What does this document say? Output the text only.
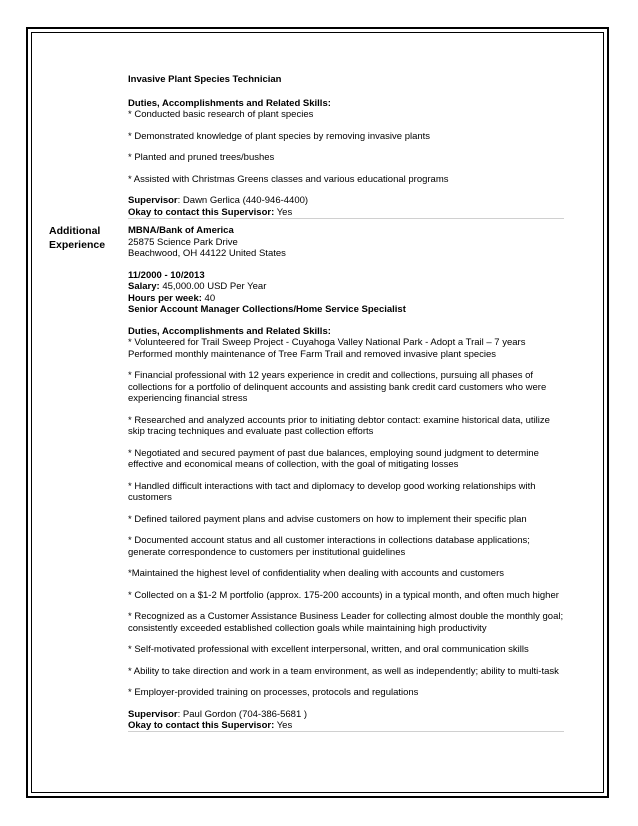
Invasive Plant Species Technician

Duties, Accomplishments and Related Skills:

* Conducted basic research of plant species

* Demonstrated knowledge of plant species by removing invasive plants

* Planted and pruned trees/bushes

* Assisted with Christmas Greens classes and various educational programs

Supervisor: Dawn Gerlica (440-946-4400)

Okay to contact this Supervisor: Yes

Additional
Experience

MBNA/Bank of America

25875 Science Park Drive

Beachwood, OH 44122 United States

11/2000 - 10/2013

Salary: 45,000.00 USD Per Year

Hours per week: 40

Senior Account Manager Collections/Home Service Specialist

Duties, Accomplishments and Related Skills:

* Volunteered for Trail Sweep Project - Cuyahoga Valley National Park - Adopt a Trail – 7 years

Performed monthly maintenance of Tree Farm Trail and removed invasive plant species

* Financial professional with 12 years experience in credit and collections, pursuing all phases of collections for a portfolio of delinquent accounts and assisting bank credit card customers who were experiencing financial stress

* Researched and analyzed accounts prior to initiating debtor contact: examine historical data, utilize skip tracing techniques and evaluate past collection efforts

* Negotiated and secured payment of past due balances, employing sound judgment to determine effective and economical means of collection, with the goal of mitigating losses

* Handled difficult interactions with tact and diplomacy to develop good working relationships with customers

* Defined tailored payment plans and advise customers on how to implement their specific plan

* Documented account status and all customer interactions in collections database applications; generate correspondence to customers per institutional guidelines

*Maintained the highest level of confidentiality when dealing with accounts and customers

* Collected on a $1-2 M portfolio (approx. 175-200 accounts) in a typical month, and often much higher

* Recognized as a Customer Assistance Business Leader for collecting almost double the monthly goal; consistently exceeded established collection goals while maintaining high productivity

* Self-motivated professional with excellent interpersonal, written, and oral communication skills

* Ability to take direction and work in a team environment, as well as independently; ability to multi-task

* Employer-provided training on processes, protocols and regulations

Supervisor: Paul Gordon (704-386-5681 )

Okay to contact this Supervisor: Yes
